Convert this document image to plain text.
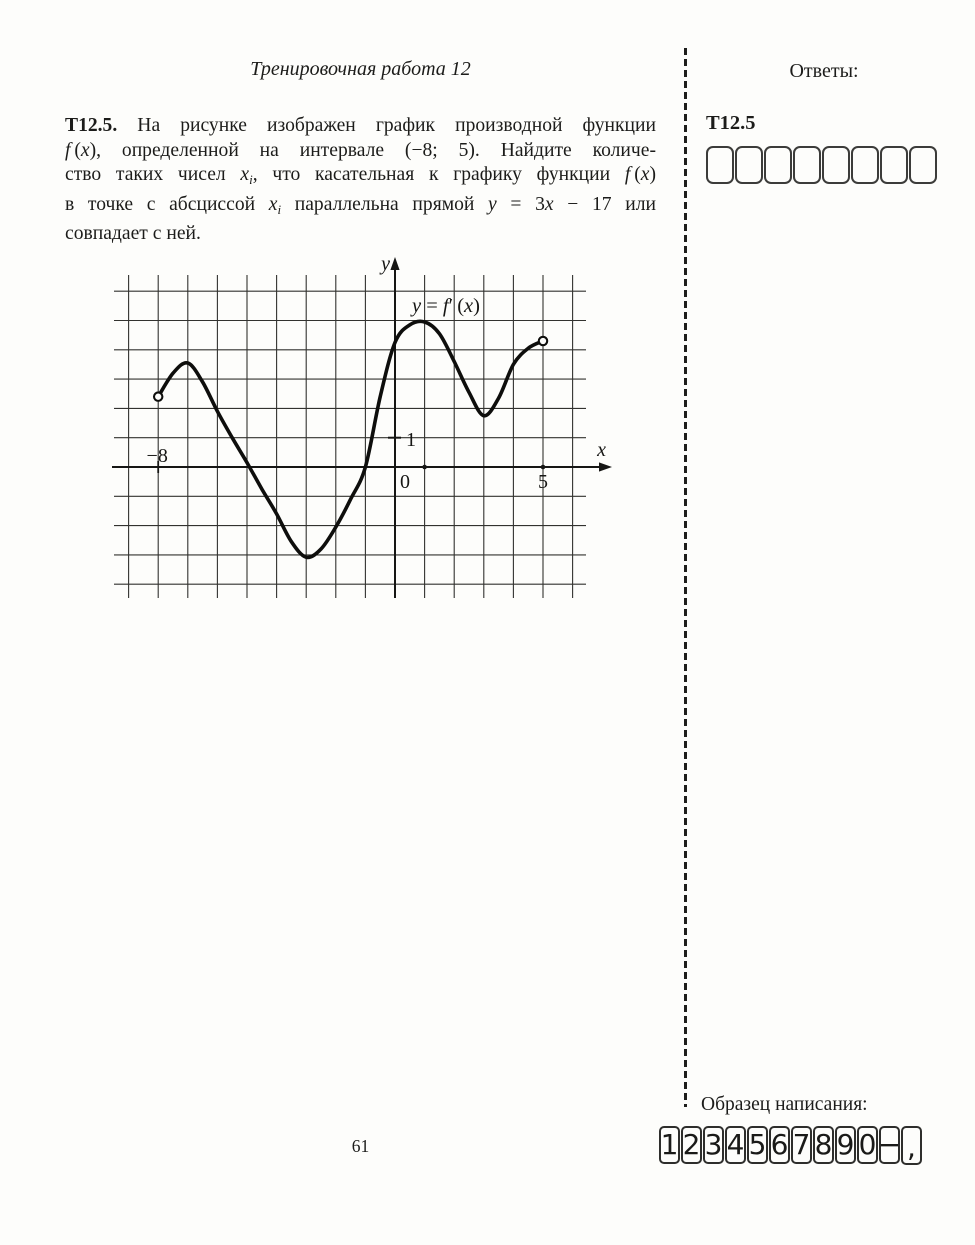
Тренировочная работа 12
Т12.5. На рисунке изображен график производной функции
f (x), определенной на интервале (−8; 5). Найдите количе-
ство таких чисел $x_i$, что касательная к графику функции f (x)
в точке с абсциссой $x_i$ параллельна прямой y = 3x − 17 или
совпадает с ней.
y
x
0
1
−8
5
y = f′ (x)
61
Ответы:
Т12.5
Образец написания:
1 2 3 4 5 6 7 8 9 0 − ,
